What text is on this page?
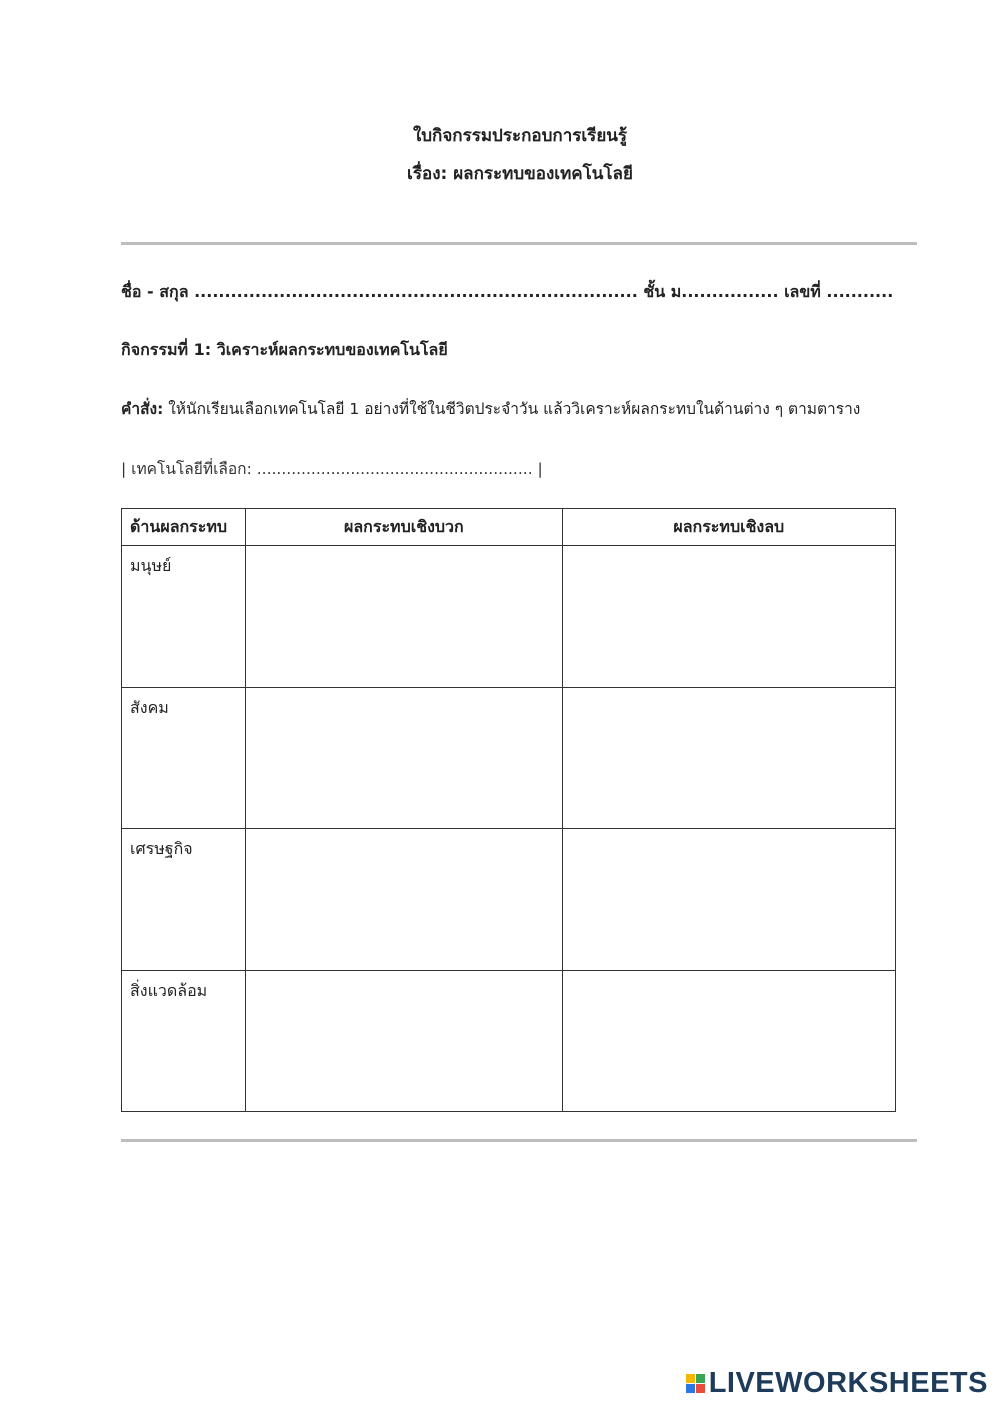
ใบกิจกรรมประกอบการเรียนรู้
เรื่อง: ผลกระทบของเทคโนโลยี
ชื่อ - สกุล ......................................................................... ชั้น ม................ เลขที่ ...........
กิจกรรมที่ 1: วิเคราะห์ผลกระทบของเทคโนโลยี
คำสั่ง: ให้นักเรียนเลือกเทคโนโลยี 1 อย่างที่ใช้ในชีวิตประจำวัน แล้ววิเคราะห์ผลกระทบในด้านต่าง ๆ ตามตาราง
| เทคโนโลยีที่เลือก: ........................................................ |
ด้านผลกระทบ	ผลกระทบเชิงบวก	ผลกระทบเชิงลบ
มนุษย์		
สังคม		
เศรษฐกิจ		
สิ่งแวดล้อม		
LIVEWORKSHEETS
